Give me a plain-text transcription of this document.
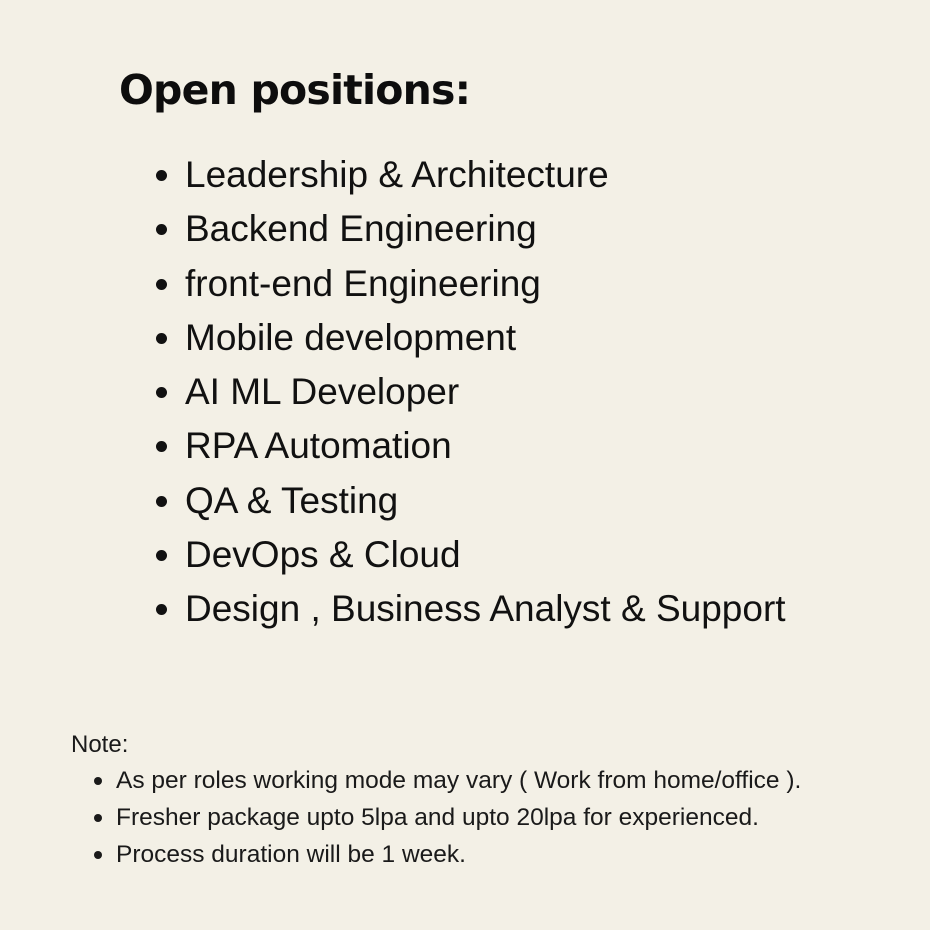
Open positions:
Leadership & Architecture
Backend Engineering
front-end Engineering
Mobile development
AI ML Developer
RPA Automation
QA & Testing
DevOps & Cloud
Design , Business Analyst & Support

Note:

As per roles working mode may vary ( Work from home/office ).
Fresher package upto 5lpa and upto 20lpa for experienced.
Process duration will be 1 week.
